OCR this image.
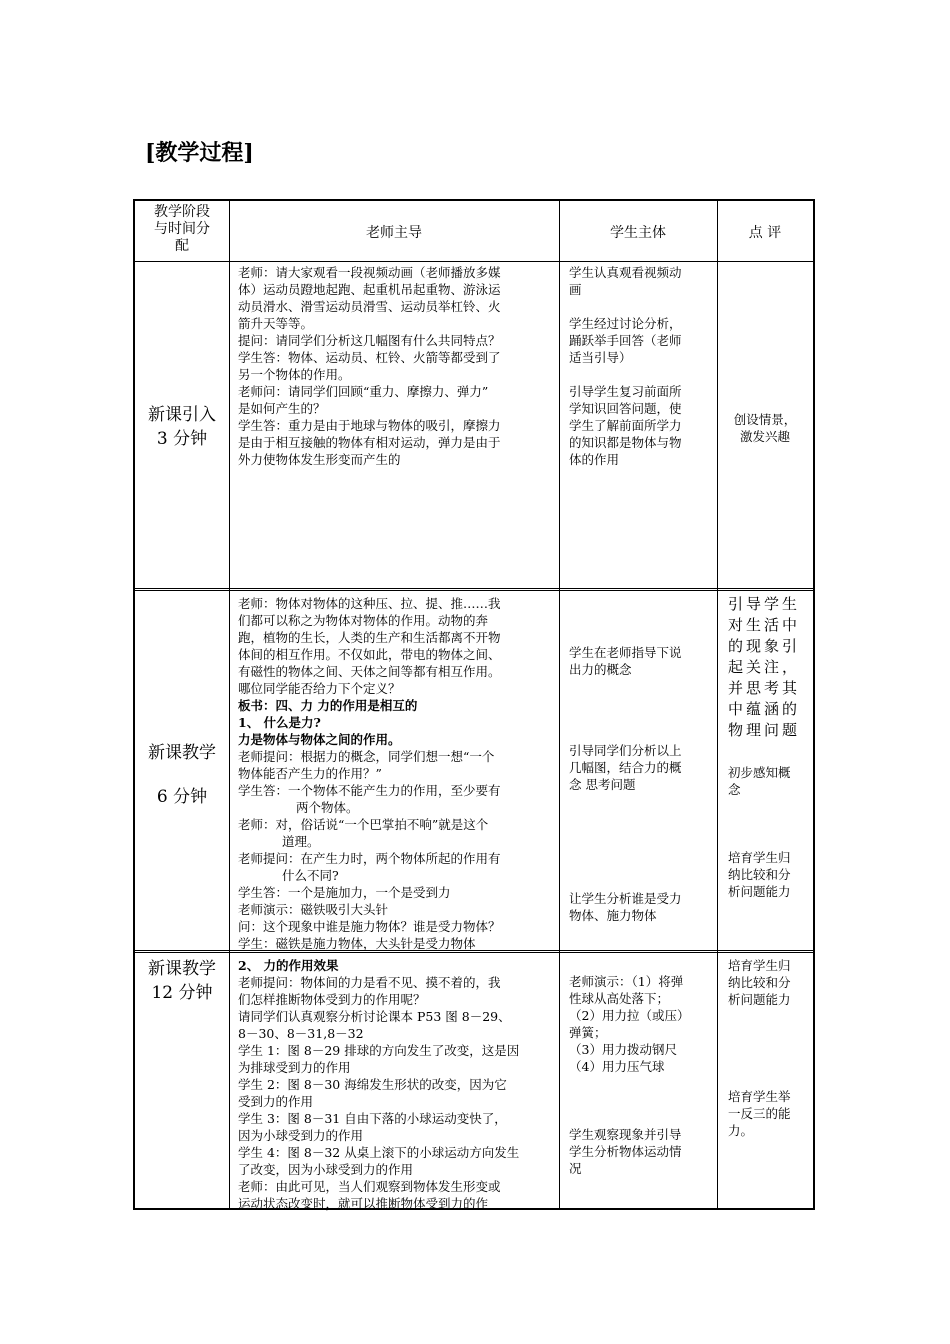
[教学过程]
教学阶段
与时间分
配
老师主导	学生主体	点 评
新课引入
3 分钟
老师：请大家观看一段视频动画（老师播放多媒
体）运动员蹬地起跑、起重机吊起重物、游泳运
动员滑水、滑雪运动员滑雪、运动员举杠铃、火
箭升天等等。
提问：请同学们分析这几幅图有什么共同特点？
学生答：物体、运动员、杠铃、火箭等都受到了
另一个物体的作用。
老师问：请同学们回顾“重力、摩擦力、弹力”
是如何产生的？
学生答：重力是由于地球与物体的吸引，摩擦力
是由于相互接触的物体有相对运动，弹力是由于
外力使物体发生形变而产生的
学生认真观看视频动
画
学生经过讨论分析，
踊跃举手回答（老师
适当引导）
引导学生复习前面所
学知识回答问题，使
学生了解前面所学力
的知识都是物体与物
体的作用
创设情景，
激发兴趣
新课教学
6 分钟
老师：物体对物体的这种压、拉、提、推……我
们都可以称之为物体对物体的作用。动物的奔
跑，植物的生长，人类的生产和生活都离不开物
体间的相互作用。不仅如此，带电的物体之间、
有磁性的物体之间、天体之间等都有相互作用。
哪位同学能否给力下个定义？
板书：四、力 力的作用是相互的
1、 什么是力?
力是物体与物体之间的作用。
老师提问：根据力的概念，同学们想一想“一个
物体能否产生力的作用？”
学生答：一个物体不能产生力的作用，至少要有
两个物体。
老师：对，俗话说“一个巴掌拍不响”就是这个
道理。
老师提问：在产生力时，两个物体所起的作用有
什么不同?
学生答：一个是施加力，一个是受到力
老师演示：磁铁吸引大头针
问：这个现象中谁是施力物体？谁是受力物体？
学生：磁铁是施力物体，大头针是受力物体
学生在老师指导下说
出力的概念
引导同学们分析以上
几幅图，结合力的概
念 思考问题
让学生分析谁是受力
物体、施力物体
引导学生
对生活中
的现象引
起关注，
并思考其
中蕴涵的
物理问题
初步感知概
念
培育学生归
纳比较和分
析问题能力
新课教学
12 分钟
2、 力的作用效果
老师提问：物体间的力是看不见、摸不着的，我
们怎样推断物体受到力的作用呢？
请同学们认真观察分析讨论课本 P53 图 8－29、
8－30、8－31,8－32
学生 1：图 8－29 排球的方向发生了改变，这是因
为排球受到力的作用
学生 2：图 8－30 海绵发生形状的改变，因为它
受到力的作用
学生 3：图 8－31 自由下落的小球运动变快了，
因为小球受到力的作用
学生 4：图 8－32 从桌上滚下的小球运动方向发生
了改变，因为小球受到力的作用
老师：由此可见，当人们观察到物体发生形变或
运动状态改变时，就可以推断物体受到力的作
老师演示：（1）将弹
性球从高处落下；
（2）用力拉（或压）
弹簧；
（3）用力拨动钢尺
（4）用力压气球
学生观察现象并引导
学生分析物体运动情
况
培育学生归
纳比较和分
析问题能力
培育学生举
一反三的能
力。
